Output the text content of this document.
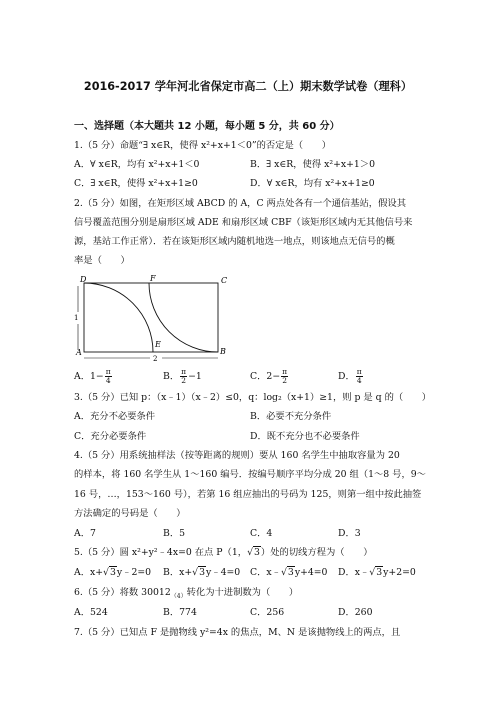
2016-2017 学年河北省保定市高二（上）期末数学试卷（理科）
一、选择题（本大题共 12 小题，每小题 5 分，共 60 分）
1.（5 分）命题“∃ x∈R，使得 x²+x+1＜0”的否定是（　　）
A．∀ x∈R，均有 x²+x+1＜0	B．∃ x∈R，使得 x²+x+1＞0
C．∃ x∈R，使得 x²+x+1≥0	D．∀ x∈R，均有 x²+x+1≥0
2.（5 分）如图，在矩形区域 ABCD 的 A，C 两点处各有一个通信基站，假设其
信号覆盖范围分别是扇形区域 ADE 和扇形区域 CBF（该矩形区域内无其他信号来
源，基站工作正常）．若在该矩形区域内随机地选一地点，则该地点无信号的概
率是（　　）
D	F	C
1
A
E
B
2
A．$1- \frac{\pi}{4}$	B． $\frac{\pi}{2} -1$	C．$2- \frac{\pi}{2}$	D． $\frac{\pi}{4}$
3.（5 分）已知 p：（x﹣1）（x﹣2）≤0，q：log₂（x+1）≥1，则 p 是 q 的（　　）
A．充分不必要条件	B．必要不充分条件
C．充分必要条件	D．既不充分也不必要条件
4.（5 分）用系统抽样法（按等距离的规则）要从 160 名学生中抽取容量为 20
的样本，将 160 名学生从 1～160 编号．按编号顺序平均分成 20 组（1～8 号，9～
16 号，…，153～160 号），若第 16 组应抽出的号码为 125，则第一组中按此抽签
方法确定的号码是（　　）
A．7	B．5	C．4	D．3
5.（5 分）圆 x²+y²﹣4x=0 在点 P（1，√3）处的切线方程为（　　）
A．x+√3y﹣2=0 B．x+√3y﹣4=0 C．x﹣√3y+4=0 D．x﹣√3y+2=0
6.（5 分）将数 $30012_{(4)}$转化为十进制数为（　　）
A．524	B．774	C．256	D．260
7.（5 分）已知点 F 是抛物线 y²=4x 的焦点，M、N 是该抛物线上的两点，且
